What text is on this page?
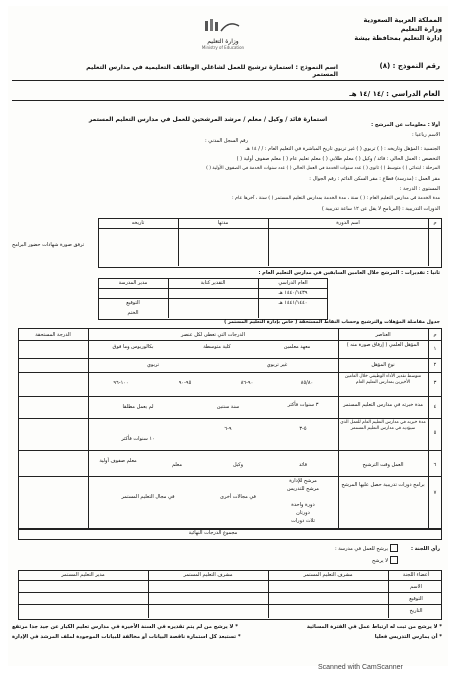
المملكة العربية السعودية
وزارة التعليم
إدارة التعليم بمحافظة بيشة
وزارة التعليم
Ministry of Education
رقم النموذج : (٨)
اسم النموذج : استمارة ترشيح للعمل لشاغلي الوظائف التعليمية في مدارس التعليم المستمر
العام الدراسي : /١٤ /١٤ هـ
استمارة قائد / وكيل / معلم / مرشد المرشحين للعمل في مدارس التعليم المستمر
أولا : معلومات عن المرشح :
الاسم رباعيا :
رقم السجل المدني :
الجنسية : المؤهل وتاريخه : ( ) تربوي ( ) غير تربوي تاريخ المباشرة في التعليم العام : / / ١٤ هـ
التخصص : العمل الحالي : قائد / وكيل ( ) معلم طلابي ( ) معلم تعليم عام ( ) معلم صفوف أولية ( )
المرحلة : ابتدائي ( ) متوسط ( ) ثانوي ( ) عدد سنوات الخدمة في العمل الحالي ( ) عدد سنوات الخدمة في الصفوف الأولية ( )
مقر العمل : (مدرسة) قطاع : مقر السكن الدائم : رقم الجوال :
المستوى : الدرجة :
مدة الخدمة في مدارس التعليم العام : ( ) سنة ، مدة الخدمة بمدارس التعليم المستمر ( ) سنة ، آخرها عام :
الدورات التدريبية : (البرنامج لا يقل عن ١٢ ساعة تدريبية )
م
اسم الدورة
مدتها
تاريخه
ترفق صورة شهادات حضور البرامج
ثانيا : تقديرات : المرشح خلال العامين السابقين في مدارس التعليم العام :
العام الدراسي
التقدير كتابة
مدير المدرسة
١٤٤٠/١٤٣٩ هـ
١٤٤١/١٤٤٠ هـ
التوقيع
الختم
جدول مفاضلة المؤهلات والترشيح وحساب النقاط المستحقة ( خاص بإدارة التعليم المستمر )
م
العناصر
الدرجات التي تعطى لكل عنصر
الدرجة المستحقة
١
المؤهل العلمي ( إرفاق صورة منه )
معهد معلمين
كلية متوسطة
بكالوريوس وما فوق
٢
نوع المؤهل
غير تربوي
تربوي
٣
متوسط تقدير الأداء الوظيفي خلال العامين الأخيرين بمدارس التعليم العام
٨٥/٨٠
٩٠-٨٦
٩٥-٩٠
١٠٠-٩٦
٤
مدة خبرته في مدارس التعليم المستمر
٣ سنوات فأكثر
سنة سنتين
لم يعمل مطلقا
٥
مدة خبرته في مدارس التعليم العام للعمل الذي سيؤديه في مدارس التعليم المستمر
٥-٣
٩-٦
١٠ سنوات فأكثر
٦
العمل وقت الترشيح
قائد
وكيل
معلم
معلم صفوف أولية
٧
برامج دورات تدريبية حصل عليها المرشح
مرشح للإدارة
مرشح للتدريس
في مجالات أخرى
في مجال التعليم المستمر
دورة واحدة
دورتان
ثلاث دورات
مجموع الدرجات النهائية
رأي اللجنة :
يرشح للعمل في مدرسة :
لا يرشح
أعضاء اللجنة
مشرف التعليم المستمر
مشرف التعليم المستمر
مدير التعليم المستمر
الاسم
التوقيع
التاريخ
* لا يرشح من لم يتم تقديره في السنة الأخيرة في مدارس تعليم الكبار عن جيد جدا مرتفع
* تستبعد كل استمارة ناقصة البيانات أو مخالفة للبيانات الموجودة لملف المرشد في الإدارة
* لا يرشح من ثبت له ارتباط عمل في الفترة المسائية
* أن يمارس التدريس فعليا
Scanned with CamScanner
